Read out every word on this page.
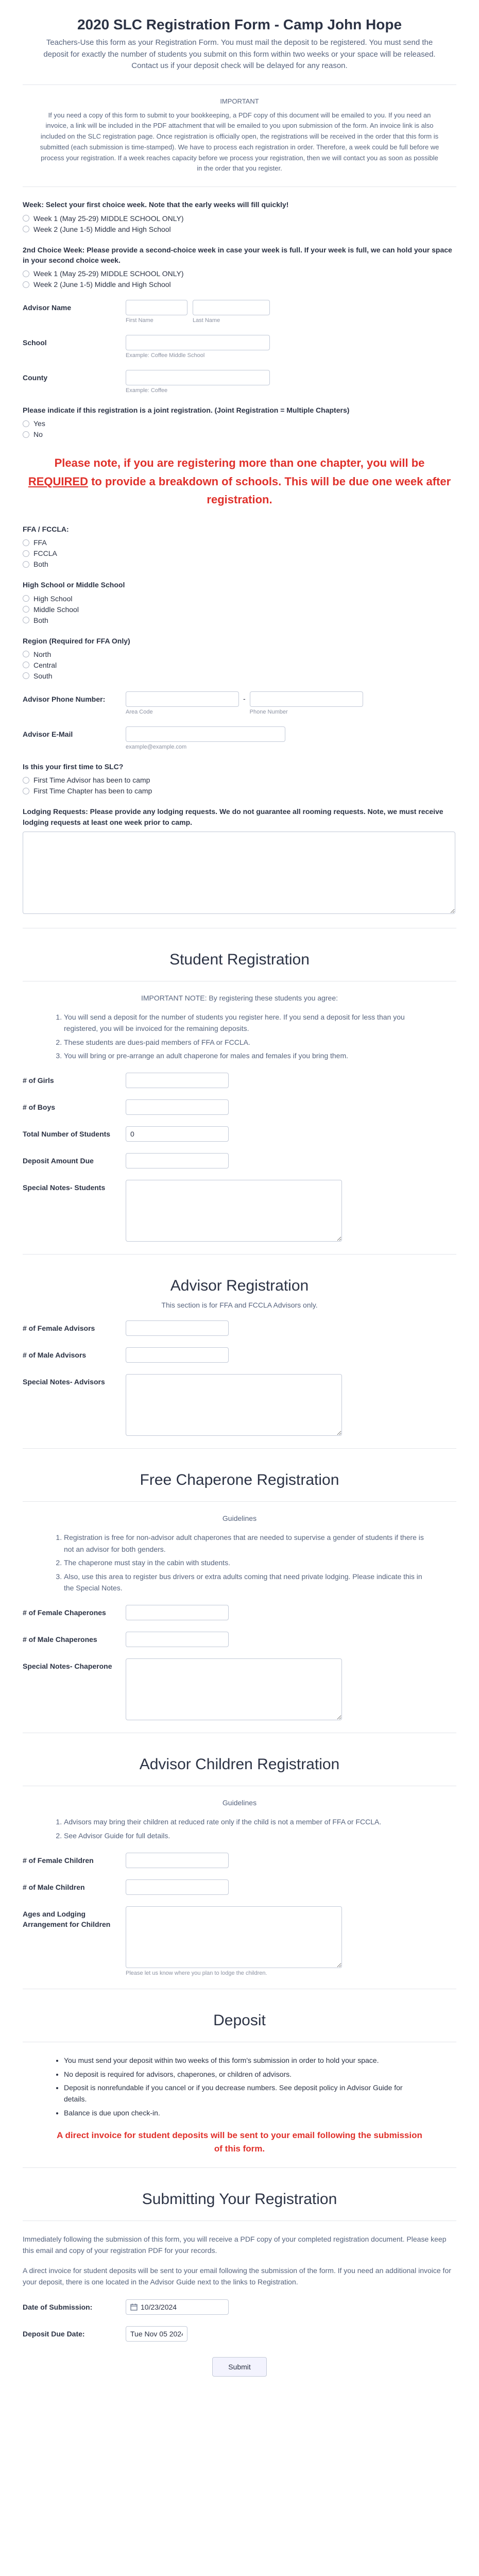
2020 SLC Registration Form - Camp John Hope
Teachers-Use this form as your Registration Form. You must mail the deposit to be registered. You must send the deposit for exactly the number of students you submit on this form within two weeks or your space will be released. Contact us if your deposit check will be delayed for any reason.
IMPORTANT
If you need a copy of this form to submit to your bookkeeping, a PDF copy of this document will be emailed to you. If you need an invoice, a link will be included in the PDF attachment that will be emailed to you upon submission of the form. An invoice link is also included on the SLC registration page. Once registration is officially open, the registrations will be received in the order that this form is submitted (each submission is time-stamped). We have to process each registration in order. Therefore, a week could be full before we process your registration. If a week reaches capacity before we process your registration, then we will contact you as soon as possible in the order that you register.
Week: Select your first choice week. Note that the early weeks will fill quickly!
Week 1 (May 25-29) MIDDLE SCHOOL ONLY)
Week 2 (June 1-5) Middle and High School
2nd Choice Week: Please provide a second-choice week in case your week is full. If your week is full, we can hold your space in your second choice week.
Week 1 (May 25-29) MIDDLE SCHOOL ONLY)
Week 2 (June 1-5) Middle and High School
Advisor Name
First Name	Last Name
School
Example: Coffee Middle School
County
Example: Coffee
Please indicate if this registration is a joint registration. (Joint Registration = Multiple Chapters)
Yes
No
Please note, if you are registering more than one chapter, you will be REQUIRED to provide a breakdown of schools. This will be due one week after registration.
FFA / FCCLA:
FFA
FCCLA
Both
High School or Middle School
High School
Middle School
Both
Region (Required for FFA Only)
North
Central
South
Advisor Phone Number:
Area Code
-
Phone Number
Advisor E-Mail
example@example.com
Is this your first time to SLC?
First Time Advisor has been to camp
First Time Chapter has been to camp
Lodging Requests: Please provide any lodging requests. We do not guarantee all rooming requests. Note, we must receive lodging requests at least one week prior to camp.
Student Registration
IMPORTANT NOTE: By registering these students you agree:
1. You will send a deposit for the number of students you register here. If you send a deposit for less than you registered, you will be invoiced for the remaining deposits.
2. These students are dues-paid members of FFA or FCCLA.
3. You will bring or pre-arrange an adult chaperone for males and females if you bring them.
# of Girls
# of Boys
Total Number of Students
0
Deposit Amount Due
Special Notes- Students
Advisor Registration
This section is for FFA and FCCLA Advisors only.
# of Female Advisors
# of Male Advisors
Special Notes- Advisors
Free Chaperone Registration
Guidelines
1. Registration is free for non-advisor adult chaperones that are needed to supervise a gender of students if there is not an advisor for both genders.
2. The chaperone must stay in the cabin with students.
3. Also, use this area to register bus drivers or extra adults coming that need private lodging. Please indicate this in the Special Notes.
# of Female Chaperones
# of Male Chaperones
Special Notes- Chaperone
Advisor Children Registration
Guidelines
1. Advisors may bring their children at reduced rate only if the child is not a member of FFA or FCCLA.
2. See Advisor Guide for full details.
# of Female Children
# of Male Children
Ages and Lodging Arrangement for Children
Please let us know where you plan to lodge the children.
Deposit
• You must send your deposit within two weeks of this form's submission in order to hold your space.
• No deposit is required for advisors, chaperones, or children of advisors.
• Deposit is nonrefundable if you cancel or if you decrease numbers. See deposit policy in Advisor Guide for details.
• Balance is due upon check-in.
A direct invoice for student deposits will be sent to your email following the submission of this form.
Submitting Your Registration
Immediately following the submission of this form, you will receive a PDF copy of your completed registration document. Please keep this email and copy of your registration PDF for your records.
A direct invoice for student deposits will be sent to your email following the submission of the form. If you need an additional invoice for your deposit, there is one located in the Advisor Guide next to the links to Registration.
Date of Submission:	10/23/2024
Deposit Due Date:
Tue Nov 05 2024
Submit
